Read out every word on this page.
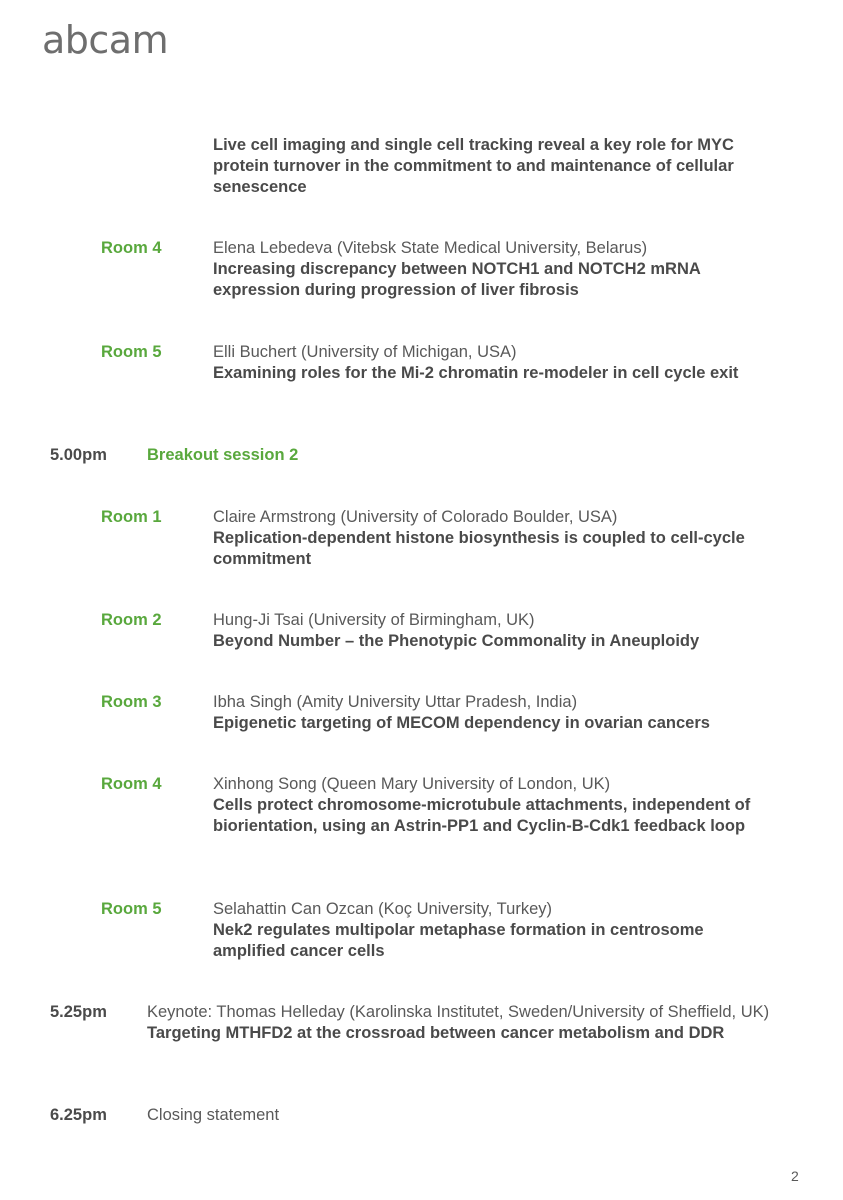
abcam
Live cell imaging and single cell tracking reveal a key role for MYC protein turnover in the commitment to and maintenance of cellular senescence
Room 4	Elena Lebedeva (Vitebsk State Medical University, Belarus)
Increasing discrepancy between NOTCH1 and NOTCH2 mRNA expression during progression of liver fibrosis
Room 5	Elli Buchert (University of Michigan, USA)
Examining roles for the Mi-2 chromatin re-modeler in cell cycle exit
5.00pm Breakout session 2
Room 1	Claire Armstrong (University of Colorado Boulder, USA)
Replication-dependent histone biosynthesis is coupled to cell-cycle commitment
Room 2	Hung-Ji Tsai (University of Birmingham, UK)
Beyond Number – the Phenotypic Commonality in Aneuploidy
Room 3	Ibha Singh (Amity University Uttar Pradesh, India)
Epigenetic targeting of MECOM dependency in ovarian cancers
Room 4	Xinhong Song (Queen Mary University of London, UK)
Cells protect chromosome-microtubule attachments, independent of biorientation, using an Astrin-PP1 and Cyclin-B-Cdk1 feedback loop
Room 5	Selahattin Can Ozcan (Koç University, Turkey)
Nek2 regulates multipolar metaphase formation in centrosome amplified cancer cells
5.25pm Keynote: Thomas Helleday (Karolinska Institutet, Sweden/University of Sheffield, UK)
Targeting MTHFD2 at the crossroad between cancer metabolism and DDR
6.25pm Closing statement
2
